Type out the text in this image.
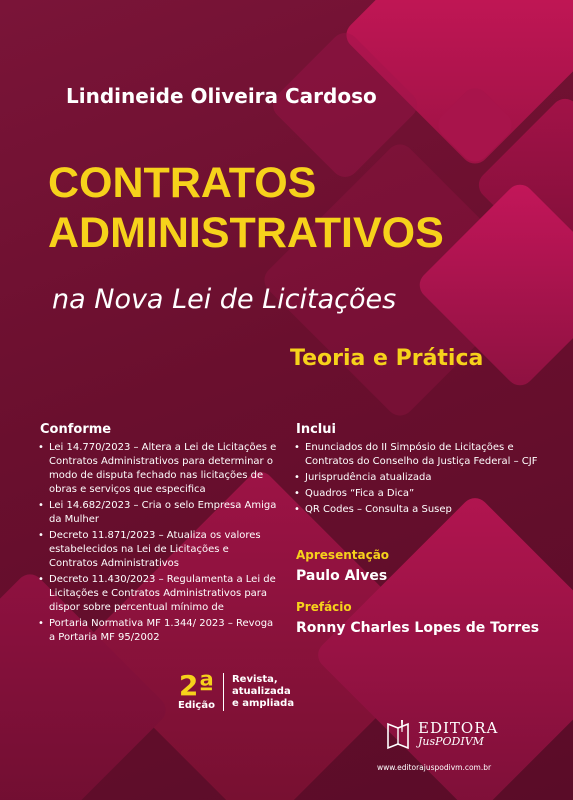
Lindineide Oliveira Cardoso
CONTRATOS
ADMINISTRATIVOS
na Nova Lei de Licitações
Teoria e Prática
Conforme
• Lei 14.770/2023 – Altera a Lei de Licitações e Contratos Administrativos para determinar o modo de disputa fechado nas licitações de obras e serviços que especifica
• Lei 14.682/2023 – Cria o selo Empresa Amiga da Mulher
• Decreto 11.871/2023 – Atualiza os valores estabelecidos na Lei de Licitações e Contratos Administrativos
• Decreto 11.430/2023 – Regulamenta a Lei de Licitações e Contratos Administrativos para dispor sobre percentual mínimo de
• Portaria Normativa MF 1.344/ 2023 – Revoga a Portaria MF 95/2002
Inclui
• Enunciados do II Simpósio de Licitações e Contratos do Conselho da Justiça Federal – CJF
• Jurisprudência atualizada
• Quadros “Fica a Dica”
• QR Codes – Consulta a Susep
Apresentação
Paulo Alves
Prefácio
Ronny Charles Lopes de Torres
2ª
Edição
Revista,
atualizada
e ampliada
EDITORA
JusPODIVM
www.editorajuspodivm.com.br
